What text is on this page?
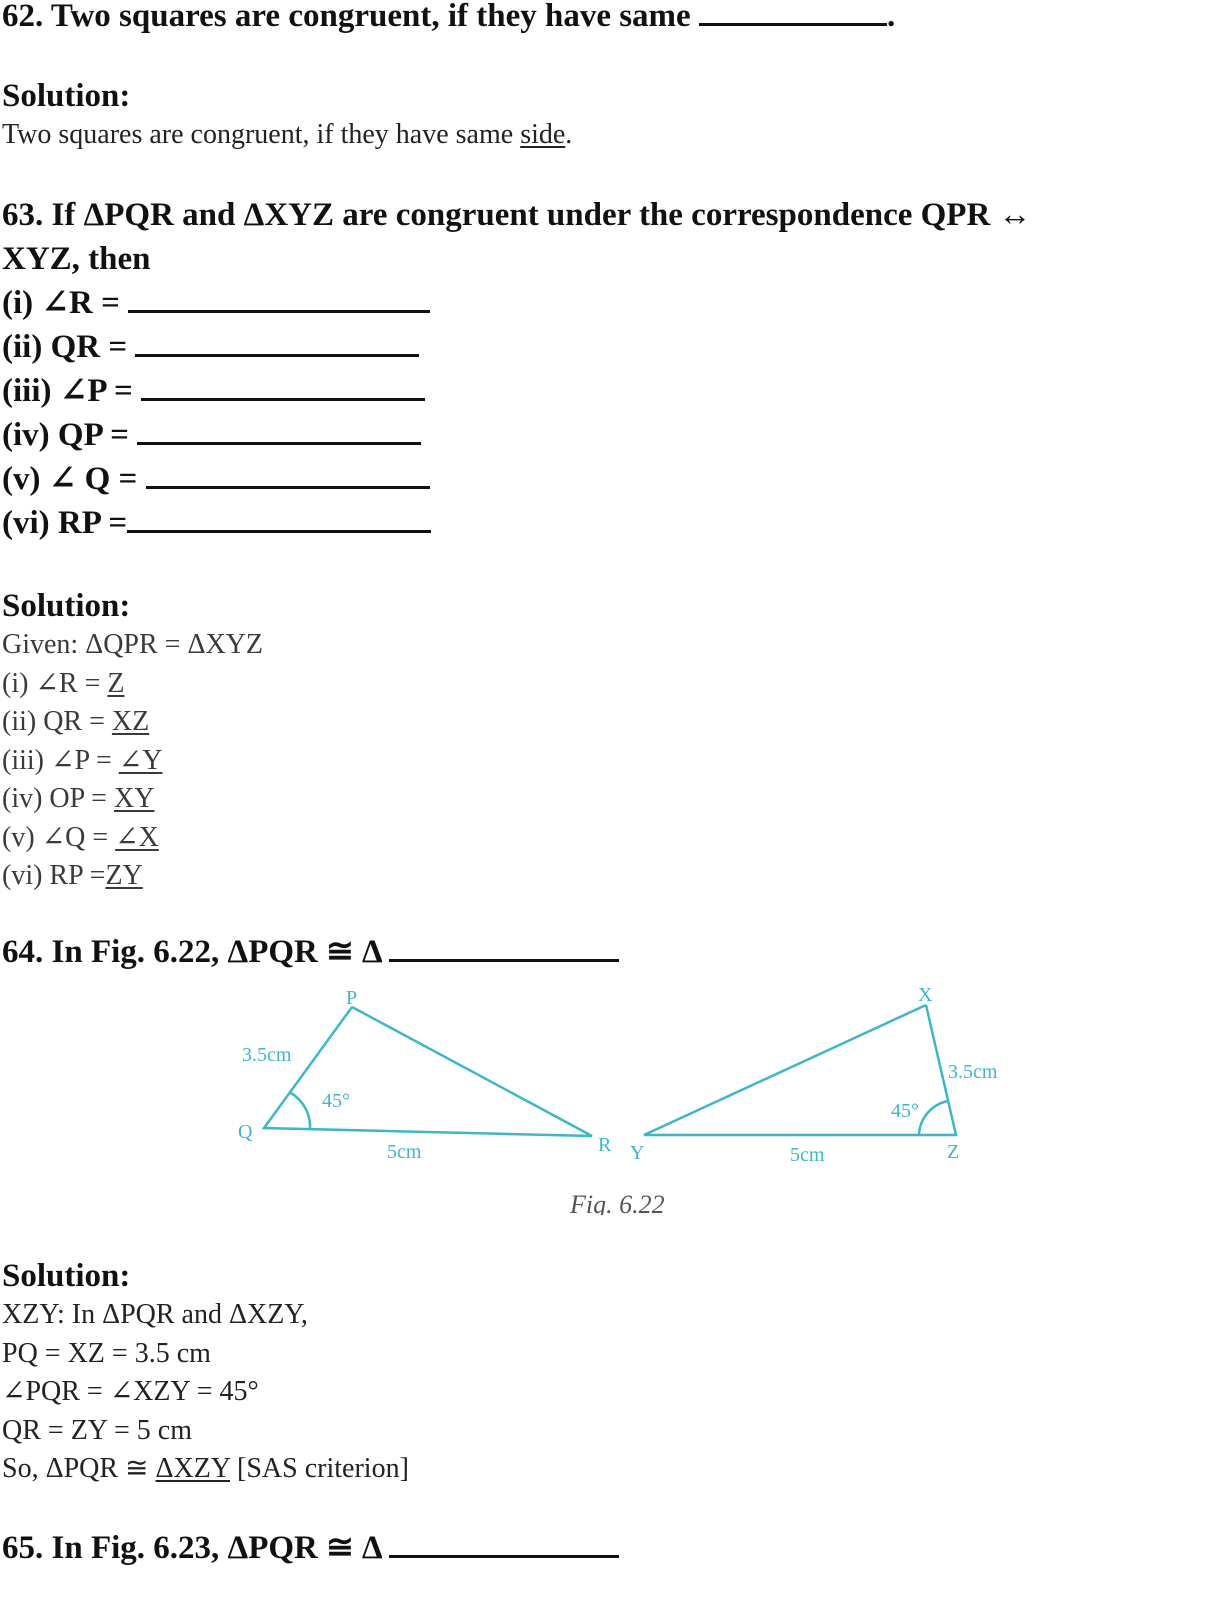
62. Two squares are congruent, if they have same	.

Solution:

Two squares are congruent, if they have same side.

63. If ΔPQR and ΔXYZ are congruent under the correspondence QPR ↔

XYZ, then

(i) ∠R =

(ii) QR =

(iii) ∠P =

(iv) QP =

(v) ∠ Q =

(vi) RP =

Solution:

Given: ΔQPR = ΔXYZ

(i) ∠R = Z

(ii) QR = XZ

(iii) ∠P = ∠Y

(iv) OP = XY

(v) ∠Q = ∠X

(vi) RP =ZY

64. In Fig. 6.22, ΔPQR ≅ Δ

P
Q
R
3.5cm
45°
5cm
X
Y	Z
3.5cm
45°
5cm
Fig. 6.22

Solution:

XZY: In ΔPQR and ΔXZY,

PQ = XZ = 3.5 cm

∠PQR = ∠XZY = 45°

QR = ZY = 5 cm

So, ΔPQR ≅ ΔXZY [SAS criterion]

65. In Fig. 6.23, ΔPQR ≅ Δ
